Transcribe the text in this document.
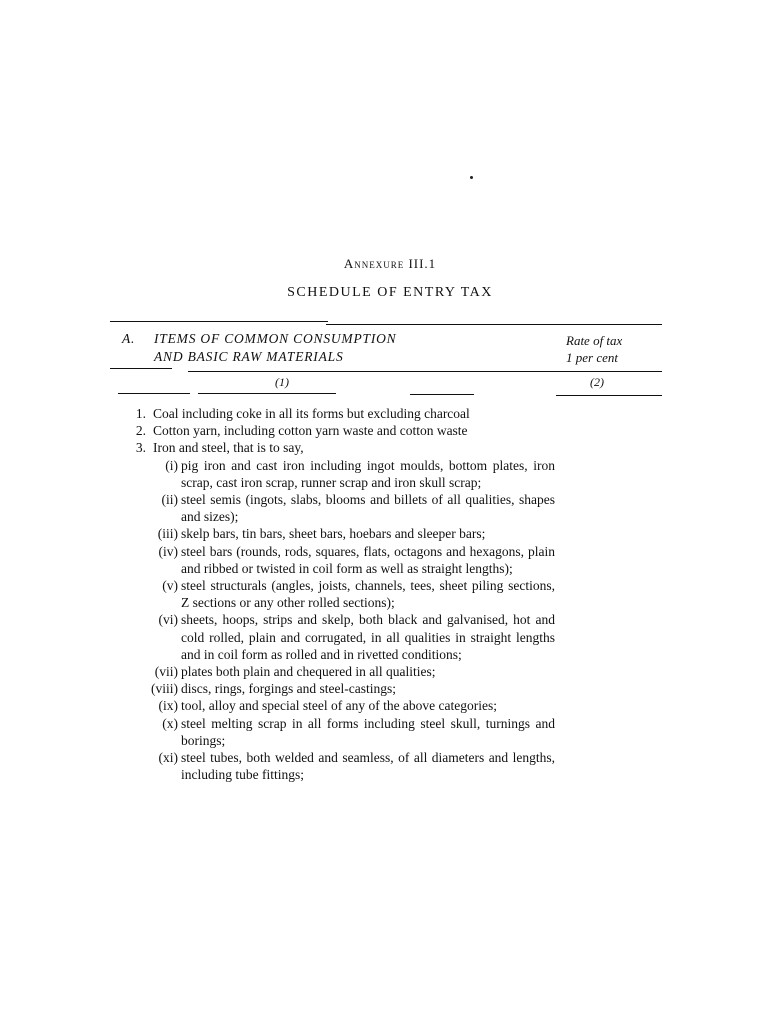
Annexure III.1
SCHEDULE OF ENTRY TAX
A. ITEMS OF COMMON CONSUMPTION
AND BASIC RAW MATERIALS
Rate of tax
1 per cent
(1)	(2)
1. Coal including coke in all its forms but excluding charcoal
2. Cotton yarn, including cotton yarn waste and cotton waste
3. Iron and steel, that is to say,
(i) pig iron and cast iron including ingot moulds, bottom plates, iron scrap, cast iron scrap, runner scrap and iron skull scrap;
(ii) steel semis (ingots, slabs, blooms and billets of all qualities, shapes and sizes);
(iii) skelp bars, tin bars, sheet bars, hoebars and sleeper bars;
(iv) steel bars (rounds, rods, squares, flats, octagons and hexagons, plain and ribbed or twisted in coil form as well as straight lengths);
(v) steel structurals (angles, joists, channels, tees, sheet piling sections, Z sections or any other rolled sections);
(vi) sheets, hoops, strips and skelp, both black and galvanised, hot and cold rolled, plain and corrugated, in all qualities in straight lengths and in coil form as rolled and in rivetted conditions;
(vii) plates both plain and chequered in all qualities;
(viii) discs, rings, forgings and steel-castings;
(ix) tool, alloy and special steel of any of the above categories;
(x) steel melting scrap in all forms including steel skull, turnings and borings;
(xi) steel tubes, both welded and seamless, of all diameters and lengths, including tube fittings;
